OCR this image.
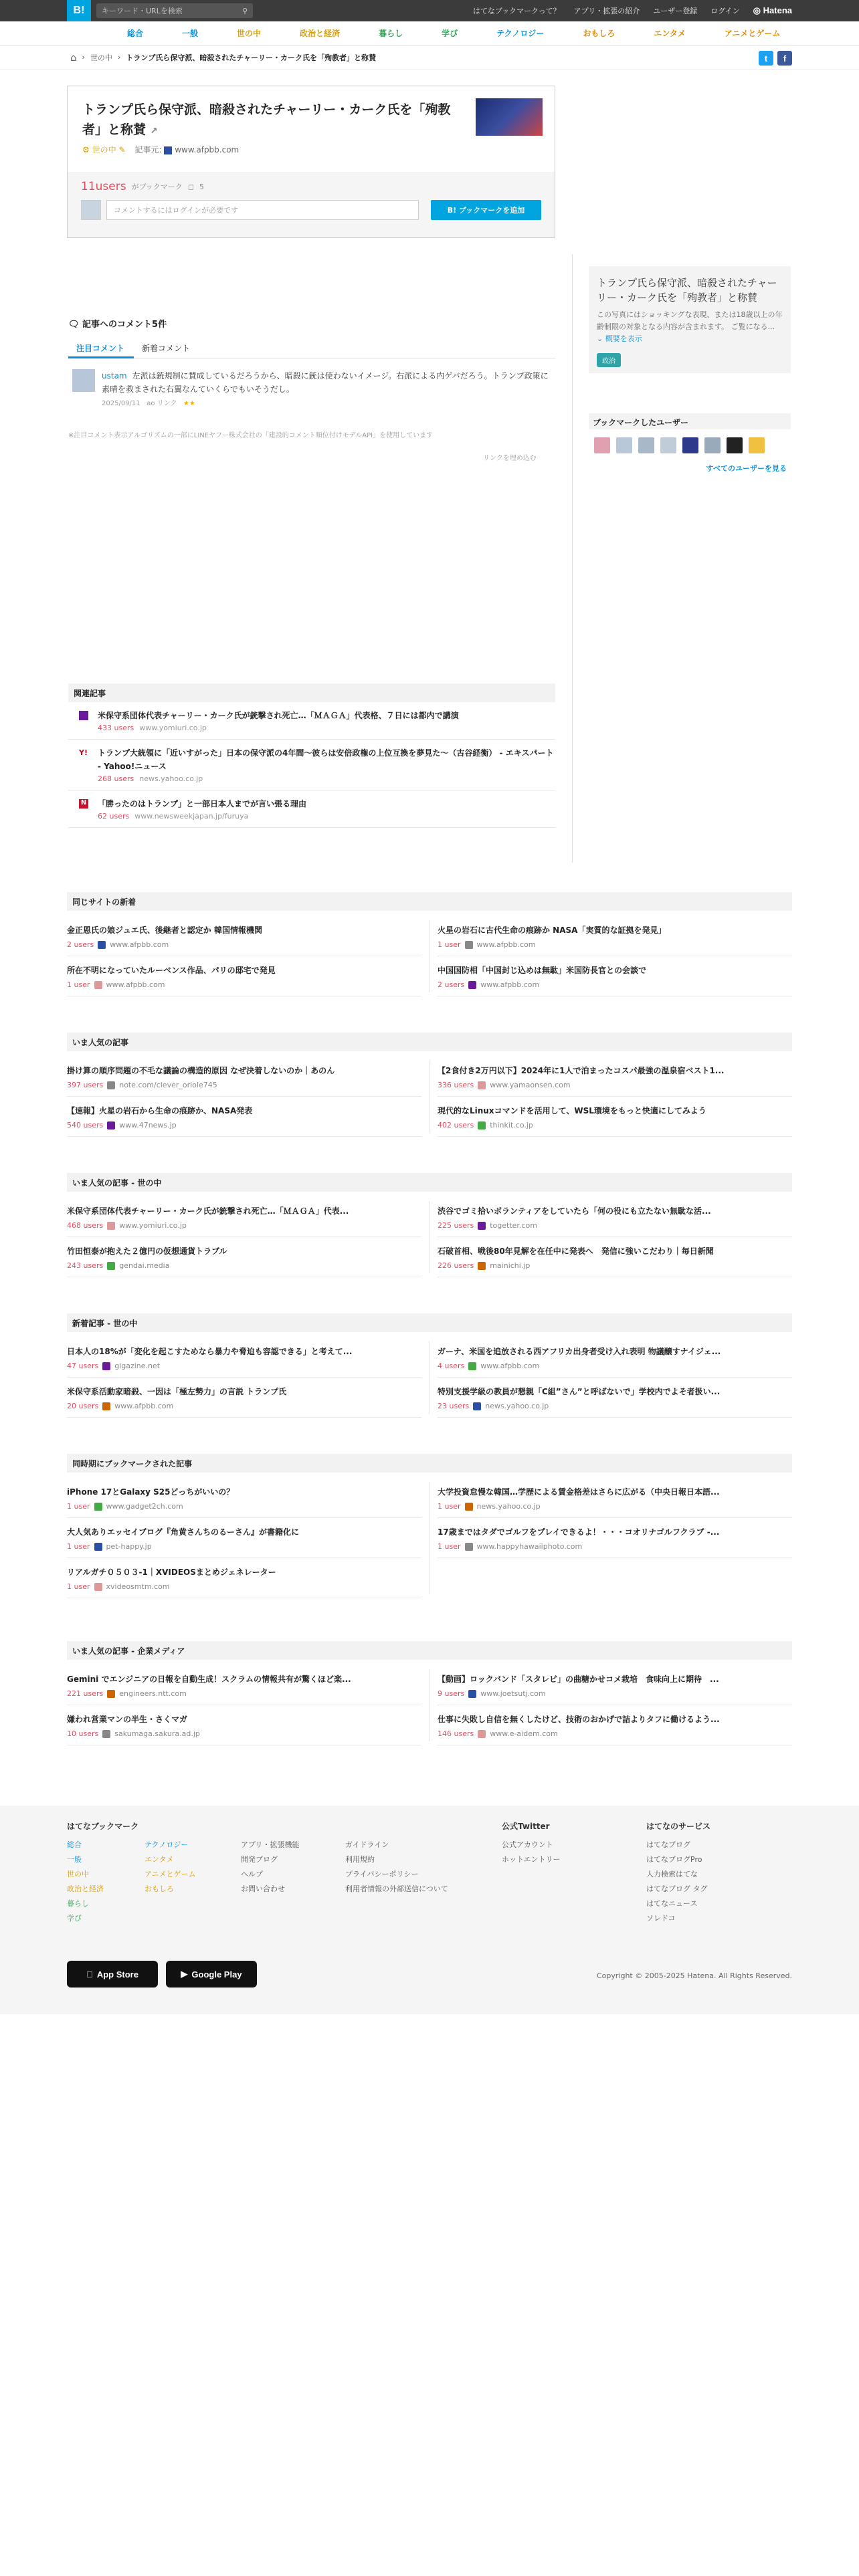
B!	キーワード・URLを検索	⚲	はてなブックマークって？ アプリ・拡張の紹介 ユーザー登録 ログイン ◎ Hatena
総合	一般	世の中	政治と経済	暮らし	学び	テクノロジー	おもしろ	エンタメ	アニメとゲーム
⌂ › 世の中 › トランプ氏ら保守派、暗殺されたチャーリー・カーク氏を「殉教者」と称賛	t	f
トランプ氏ら保守派、暗殺されたチャーリー・カーク氏を「殉教者」と称賛 ↗
⚙ 世の中 ✎ 記事元: www.afpbb.com
11users がブックマーク ◻ 5
コメントするにはログインが必要です	B!
ブックマークを追加
🗨 記事へのコメント5件
注目コメント	新着コメント
ustam 左派は銃規制に賛成しているだろうから、暗殺に銃は使わないイメージ。右派による内ゲバだろう。トランプ政策に素晴を救まされた右翼なんていくらでもいそうだし。
2025/09/11 ao リンク ★★
※注目コメント表示アルゴリズムの一部にLINEヤフー株式会社の「建設的コメント順位付けモデルAPI」を使用しています
リンクを埋め込む
トランプ氏ら保守派、暗殺されたチャーリー・カーク氏を「殉教者」と称賛

この写真にはショッキングな表現、または18歳以上の年齢制限の対象となる内容が含まれます。 ご覧になる... ⌄ 概要を表示

政治
ブックマークしたユーザー
すべてのユーザーを見る
関連記事
米保守系団体代表チャーリー・カーク氏が銃撃され死亡…「ＭＡＧＡ」代表格、７日には都内で講演
433 users www.yomiuri.co.jp
Y! トランプ大統領に「近いすがった」日本の保守派の4年間〜彼らは安倍政権の上位互換を夢見た〜（古谷経衡） - エキスパート - Yahoo!ニュース
268 users news.yahoo.co.jp
N 「勝ったのはトランプ」と一部日本人までが言い張る理由
62 users www.newsweekjapan.jp/furuya
同じサイトの新着
金正恩氏の娘ジュエ氏、後継者と認定か 韓国情報機関
2 users www.afpbb.com
火星の岩石に古代生命の痕跡か NASA「実質的な証拠を発見」
1 user www.afpbb.com
所在不明になっていたルーベンス作品、パリの邸宅で発見
1 user www.afpbb.com
中国国防相「中国封じ込めは無駄」米国防長官との会談で
2 users www.afpbb.com
いま人気の記事
掛け算の順序問題の不毛な議論の構造的原因 なぜ決着しないのか｜あのん
397 users note.com/clever_oriole745
【2食付き2万円以下】2024年に1人で泊まったコスパ最強の温泉宿ベスト1...
336 users www.yamaonsen.com
【速報】火星の岩石から生命の痕跡か、NASA発表
540 users www.47news.jp
現代的なLinuxコマンドを活用して、WSL環境をもっと快適にしてみよう
402 users thinkit.co.jp
いま人気の記事 - 世の中
米保守系団体代表チャーリー・カーク氏が銃撃され死亡…「ＭＡＧＡ」代表...
468 users www.yomiuri.co.jp
渋谷でゴミ拾いボランティアをしていたら「何の役にも立たない無駄な活...
225 users togetter.com
竹田恒泰が抱えた２億円の仮想通貨トラブル
243 users gendai.media
石破首相、戦後80年見解を在任中に発表へ　発信に強いこだわり｜毎日新聞
226 users mainichi.jp
新着記事 - 世の中
日本人の18%が「変化を起こすためなら暴力や脅迫も容認できる」と考えて...
47 users gigazine.net
ガーナ、米国を追放される西アフリカ出身者受け入れ表明 物議醸すナイジェ...
4 users www.afpbb.com
米保守系活動家暗殺、一因は「極左勢力」の言説 トランプ氏
20 users www.afpbb.com
特別支援学級の教員が懇親「C組”さん”と呼ばないで」学校内でよそ者扱い...
23 users news.yahoo.co.jp
同時期にブックマークされた記事
iPhone 17とGalaxy S25どっちがいいの？
1 user www.gadget2ch.com
大学投資怠慢な韓国…学歴による賃金格差はさらに広がる（中央日報日本語...
1 user news.yahoo.co.jp
大人気ありエッセイブログ『角黄さんちのるーさん』が書籍化に
1 user pet-happy.jp
17歳まではタダでゴルフをプレイできるよ！・・・コオリナゴルフクラブ -...
1 user www.happyhawaiiphoto.com
リアルガチ０５０３-1｜XVIDEOSまとめジェネレーター
1 user xvideosmtm.com
いま人気の記事 - 企業メディア
Gemini でエンジニアの日報を自動生成！スクラムの情報共有が驚くほど楽...
221 users engineers.ntt.com
【動画】ロックバンド「スタレビ」の曲糖かせコメ栽培　食味向上に期待　...
9 users www.joetsutj.com
嫌われ営業マンの半生・さくマガ
10 users sakumaga.sakura.ad.jp
仕事に失敗し自信を無くしたけど、技術のおかげで詰よりタフに働けるよう...
146 users www.e-aidem.com
はてなブックマーク
総合
一般
世の中
政治と経済
暮らし
学び
テクノロジー
エンタメ
アニメとゲーム
おもしろ
アプリ・拡張機能
開発ブログ
ヘルプ
お問い合わせ
ガイドライン
利用規約
プライバシーポリシー
利用者情報の外部送信について
公式Twitter
公式アカウント
ホットエントリー
はてなのサービス
はてなブログ
はてなブログPro
人力検索はてな
はてなブログ タグ
はてなニュース
ソレドコ
App Store	▶ Google Play	Copyright © 2005-2025 Hatena. All Rights Reserved.
